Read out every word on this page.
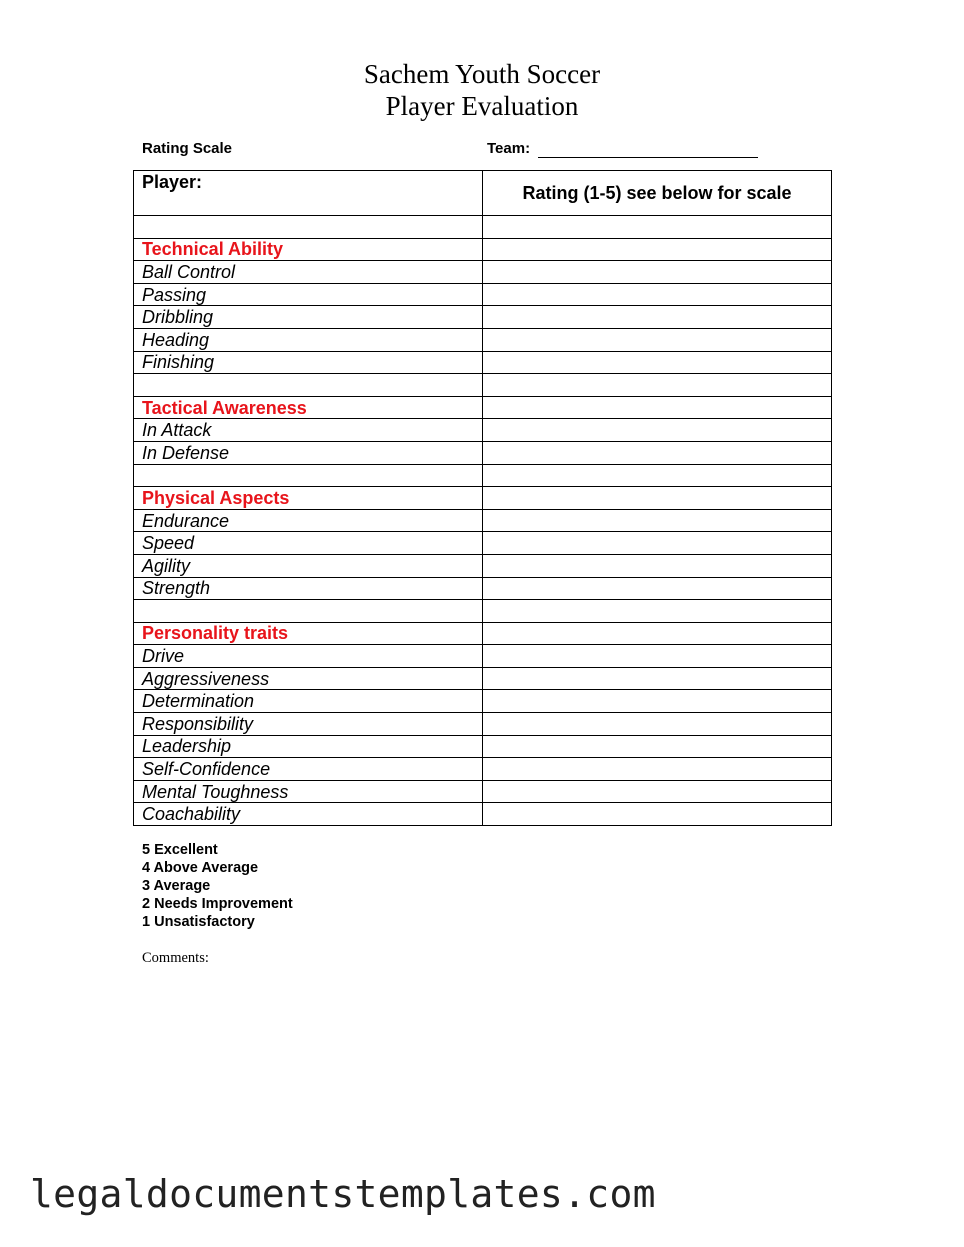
Sachem Youth Soccer
Player Evaluation
Rating Scale	Team:
Player:	Rating (1-5) see below for scale

Technical Ability	
Ball Control	
Passing	
Dribbling	
Heading	
Finishing	

Tactical Awareness	
In Attack	
In Defense	

Physical Aspects	
Endurance	
Speed	
Agility	
Strength	

Personality traits	
Drive	
Aggressiveness	
Determination	
Responsibility	
Leadership	
Self-Confidence	
Mental Toughness	
Coachability	
5 Excellent
4 Above Average
3 Average
2 Needs Improvement
1 Unsatisfactory
Comments:
legaldocumentstemplates.com
